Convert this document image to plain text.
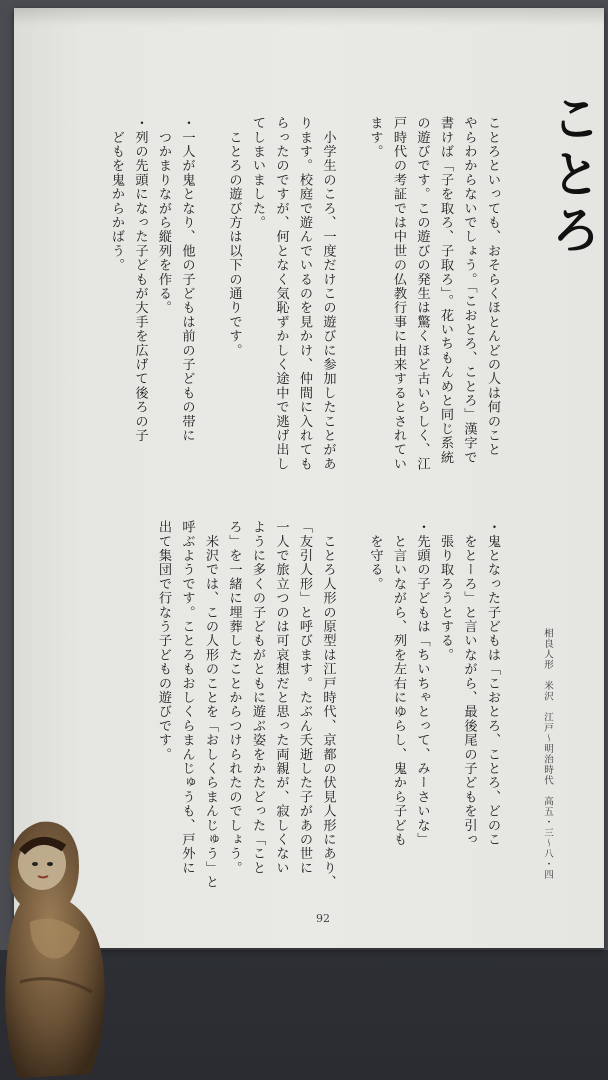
ことろ
ことろといっても、おそらくほとんどの人は何のこと
やらわからないでしょう。「こおとろ、ことろ」漢字で
書けば「子を取ろ、子取ろ」。花いちもんめと同じ系統
の遊びです。この遊びの発生は驚くほど古いらしく、江
戸時代の考証では中世の仏教行事に由来するとされてい
ます。

　小学生のころ、一度だけこの遊びに参加したことがあ
ります。校庭で遊んでいるのを見かけ、仲間に入れても
らったのですが、何となく気恥ずかしく途中で逃げ出し
てしまいました。
　ことろの遊び方は以下の通りです。

・一人が鬼となり、他の子どもは前の子どもの帯に
　つかまりながら縦列を作る。
・列の先頭になった子どもが大手を広げて後ろの子
　どもを鬼からかばう。
・鬼となった子どもは「こおとろ、ことろ、どのこ
　をとーろ」と言いながら、最後尾の子どもを引っ
　張り取ろうとする。
・先頭の子どもは「ちいちゃとって、みーさいな」
　と言いながら、列を左右にゆらし、鬼から子ども
　を守る。

　ことろ人形の原型は江戸時代、京都の伏見人形にあり、
「友引人形」と呼びます。たぶん夭逝した子があの世に
一人で旅立つのは可哀想だと思った両親が、寂しくない
ように多くの子どもがともに遊ぶ姿をかたどった「こと
ろ」を一緒に埋葬したことからつけられたのでしょう。
　米沢では、この人形のことを「おしくらまんじゅう」と
呼ぶようです。ことろもおしくらまんじゅうも、戸外に
出て集団で行なう子どもの遊びです。	相良人形　米沢　江戸〜明治時代　高五・三〜八・四
92
